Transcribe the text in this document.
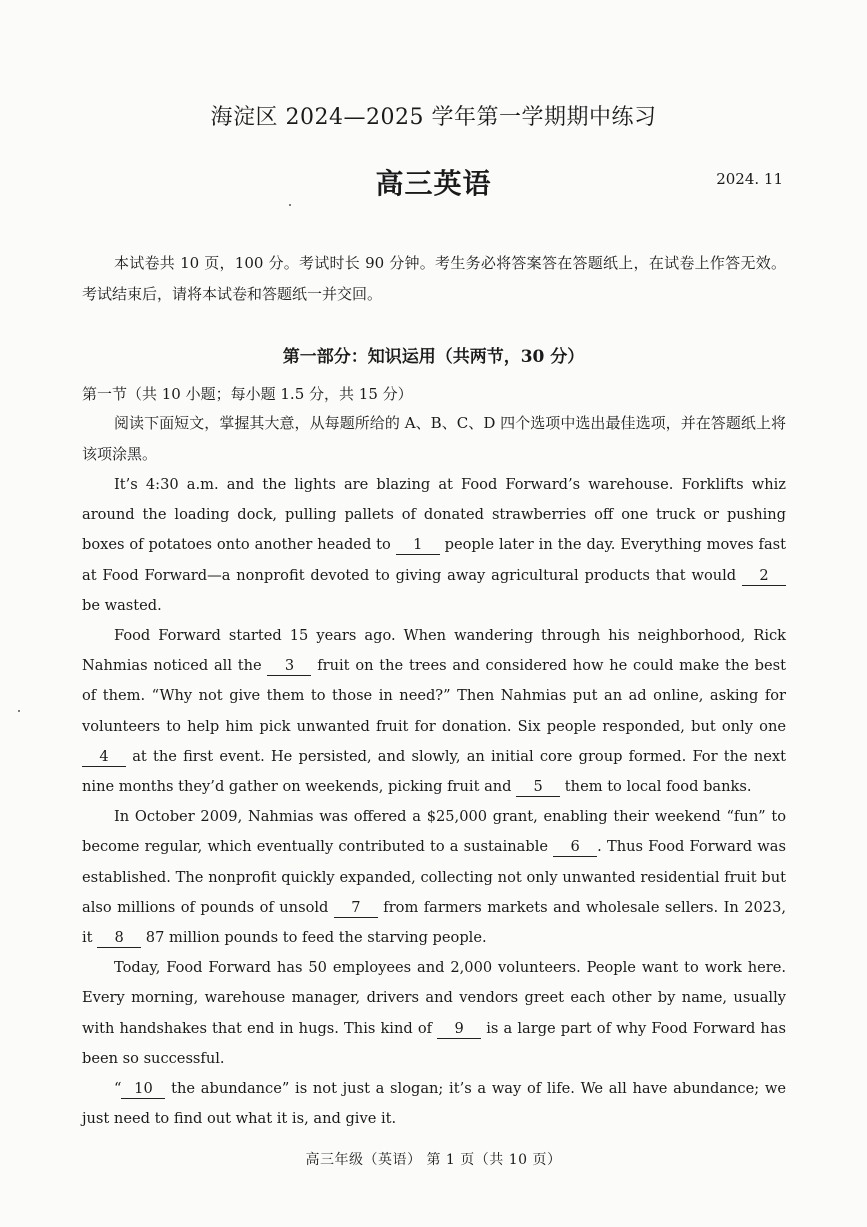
海淀区 2024—2025 学年第一学期期中练习
高三英语	2024. 11
本试卷共 10 页，100 分。考试时长 90 分钟。考生务必将答案答在答题纸上，在试卷上作答无效。考试结束后，请将本试卷和答题纸一并交回。
第一部分：知识运用（共两节，30 分）
第一节（共 10 小题；每小题 1.5 分，共 15 分）
阅读下面短文，掌握其大意，从每题所给的 A、B、C、D 四个选项中选出最佳选项，并在答题纸上将该项涂黑。

It’s 4:30 a.m. and the lights are blazing at Food Forward’s warehouse. Forklifts whiz around the loading dock, pulling pallets of donated strawberries off one truck or pushing boxes of potatoes onto another headed to 1 people later in the day. Everything moves fast at Food Forward—a nonprofit devoted to giving away agricultural products that would 2 be wasted.

Food Forward started 15 years ago. When wandering through his neighborhood, Rick Nahmias noticed all the 3 fruit on the trees and considered how he could make the best of them. “Why not give them to those in need?” Then Nahmias put an ad online, asking for volunteers to help him pick unwanted fruit for donation. Six people responded, but only one 4 at the first event. He persisted, and slowly, an initial core group formed. For the next nine months they’d gather on weekends, picking fruit and 5 them to local food banks.

In October 2009, Nahmias was offered a $25,000 grant, enabling their weekend “fun” to become regular, which eventually contributed to a sustainable 6 . Thus Food Forward was established. The nonprofit quickly expanded, collecting not only unwanted residential fruit but also millions of pounds of unsold 7 from farmers markets and wholesale sellers. In 2023, it 8 87 million pounds to feed the starving people.

Today, Food Forward has 50 employees and 2,000 volunteers. People want to work here. Every morning, warehouse manager, drivers and vendors greet each other by name, usually with handshakes that end in hugs. This kind of 9 is a large part of why Food Forward has been so successful.

“ 10 the abundance” is not just a slogan; it’s a way of life. We all have abundance; we just need to find out what it is, and give it.

高三年级（英语） 第 1 页（共 10 页）
